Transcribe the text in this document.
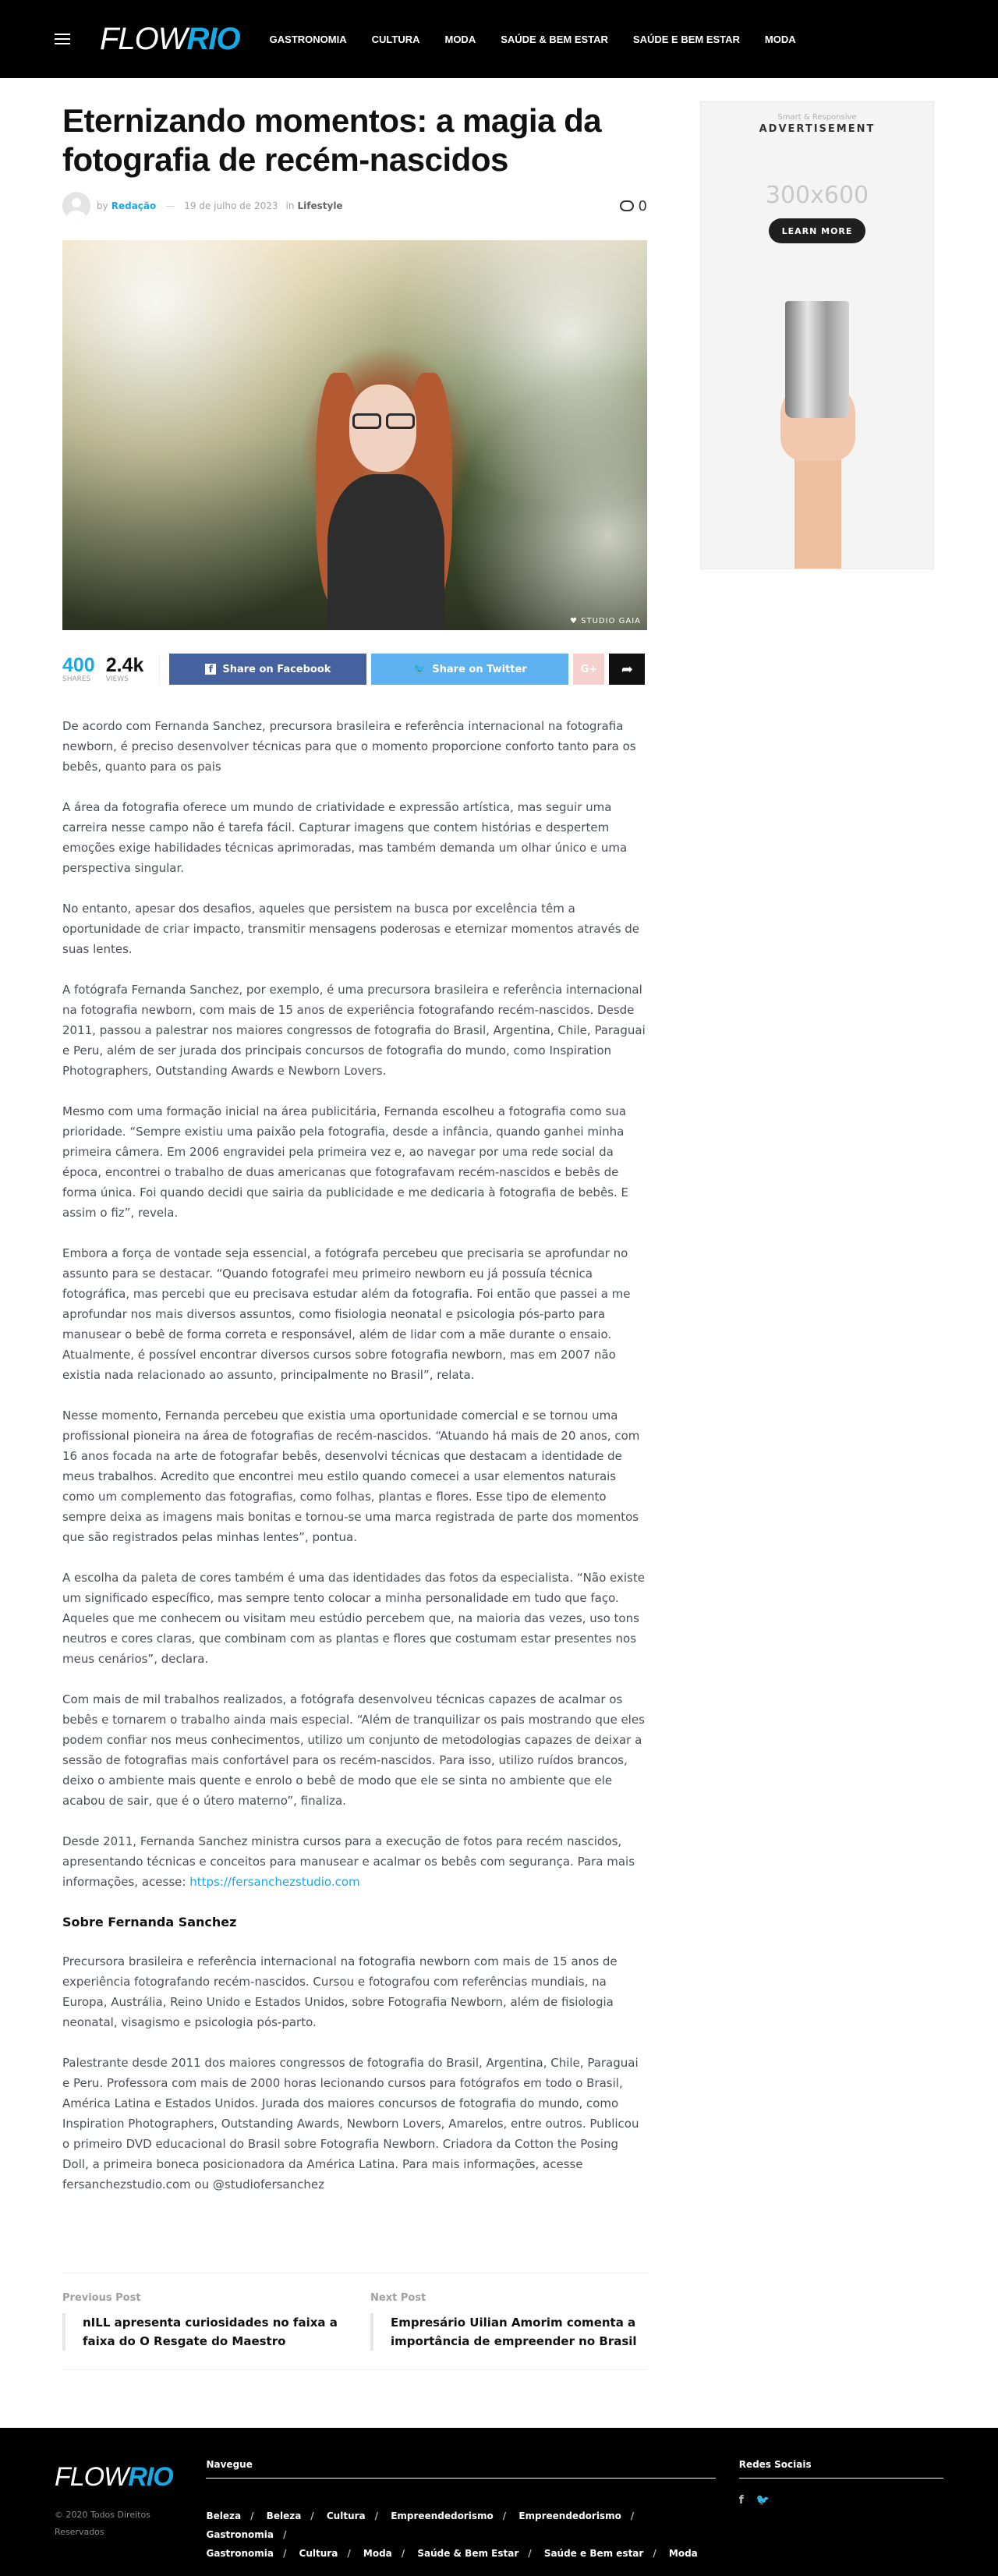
FLOWRIO	GASTRONOMIA	CULTURA	MODA	SAÚDE & BEM ESTAR	SAÚDE E BEM ESTAR	MODA
Eternizando momentos: a magia da fotografia de recém-nascidos
by Redação — 19 de julho de 2023 in Lifestyle	0
♥ STUDIO GAIA
400
SHARES
2.4k
VIEWS
f Share on Facebook	🐦 Share on Twitter	G+ ➦

De acordo com Fernanda Sanchez, precursora brasileira e referência internacional na fotografia newborn, é preciso desenvolver técnicas para que o momento proporcione conforto tanto para os bebês, quanto para os pais

A área da fotografia oferece um mundo de criatividade e expressão artística, mas seguir uma carreira nesse campo não é tarefa fácil. Capturar imagens que contem histórias e despertem emoções exige habilidades técnicas aprimoradas, mas também demanda um olhar único e uma perspectiva singular.

No entanto, apesar dos desafios, aqueles que persistem na busca por excelência têm a oportunidade de criar impacto, transmitir mensagens poderosas e eternizar momentos através de suas lentes.

A fotógrafa Fernanda Sanchez, por exemplo, é uma precursora brasileira e referência internacional na fotografia newborn, com mais de 15 anos de experiência fotografando recém-nascidos. Desde 2011, passou a palestrar nos maiores congressos de fotografia do Brasil, Argentina, Chile, Paraguai e Peru, além de ser jurada dos principais concursos de fotografia do mundo, como Inspiration Photographers, Outstanding Awards e Newborn Lovers.

Mesmo com uma formação inicial na área publicitária, Fernanda escolheu a fotografia como sua prioridade. “Sempre existiu uma paixão pela fotografia, desde a infância, quando ganhei minha primeira câmera. Em 2006 engravidei pela primeira vez e, ao navegar por uma rede social da época, encontrei o trabalho de duas americanas que fotografavam recém-nascidos e bebês de forma única. Foi quando decidi que sairia da publicidade e me dedicaria à fotografia de bebês. E assim o fiz”, revela.

Embora a força de vontade seja essencial, a fotógrafa percebeu que precisaria se aprofundar no assunto para se destacar. “Quando fotografei meu primeiro newborn eu já possuía técnica fotográfica, mas percebi que eu precisava estudar além da fotografia. Foi então que passei a me aprofundar nos mais diversos assuntos, como fisiologia neonatal e psicologia pós-parto para manusear o bebê de forma correta e responsável, além de lidar com a mãe durante o ensaio. Atualmente, é possível encontrar diversos cursos sobre fotografia newborn, mas em 2007 não existia nada relacionado ao assunto, principalmente no Brasil”, relata.

Nesse momento, Fernanda percebeu que existia uma oportunidade comercial e se tornou uma profissional pioneira na área de fotografias de recém-nascidos. “Atuando há mais de 20 anos, com 16 anos focada na arte de fotografar bebês, desenvolvi técnicas que destacam a identidade de meus trabalhos. Acredito que encontrei meu estilo quando comecei a usar elementos naturais como um complemento das fotografias, como folhas, plantas e flores. Esse tipo de elemento sempre deixa as imagens mais bonitas e tornou-se uma marca registrada de parte dos momentos que são registrados pelas minhas lentes”, pontua.

A escolha da paleta de cores também é uma das identidades das fotos da especialista. “Não existe um significado específico, mas sempre tento colocar a minha personalidade em tudo que faço. Aqueles que me conhecem ou visitam meu estúdio percebem que, na maioria das vezes, uso tons neutros e cores claras, que combinam com as plantas e flores que costumam estar presentes nos meus cenários”, declara.

Com mais de mil trabalhos realizados, a fotógrafa desenvolveu técnicas capazes de acalmar os bebês e tornarem o trabalho ainda mais especial. “Além de tranquilizar os pais mostrando que eles podem confiar nos meus conhecimentos, utilizo um conjunto de metodologias capazes de deixar a sessão de fotografias mais confortável para os recém-nascidos. Para isso, utilizo ruídos brancos, deixo o ambiente mais quente e enrolo o bebê de modo que ele se sinta no ambiente que ele acabou de sair, que é o útero materno”, finaliza.

Desde 2011, Fernanda Sanchez ministra cursos para a execução de fotos para recém nascidos, apresentando técnicas e conceitos para manusear e acalmar os bebês com segurança. Para mais informações, acesse: https://fersanchezstudio.com

Sobre Fernanda Sanchez

Precursora brasileira e referência internacional na fotografia newborn com mais de 15 anos de experiência fotografando recém-nascidos. Cursou e fotografou com referências mundiais, na Europa, Austrália, Reino Unido e Estados Unidos, sobre Fotografia Newborn, além de fisiologia neonatal, visagismo e psicologia pós-parto.

Palestrante desde 2011 dos maiores congressos de fotografia do Brasil, Argentina, Chile, Paraguai e Peru. Professora com mais de 2000 horas lecionando cursos para fotógrafos em todo o Brasil, América Latina e Estados Unidos. Jurada dos maiores concursos de fotografia do mundo, como Inspiration Photographers, Outstanding Awards, Newborn Lovers, Amarelos, entre outros. Publicou o primeiro DVD educacional do Brasil sobre Fotografia Newborn. Criadora da Cotton the Posing Doll, a primeira boneca posicionadora da América Latina. Para mais informações, acesse fersanchezstudio.com ou @studiofersanchez

Previous Post
nILL apresenta curiosidades no faixa a faixa do O Resgate do Maestro
Next Post
Empresário Uilian Amorim comenta a importância de empreender no Brasil
Smart & Responsive
ADVERTISEMENT
300x600
LEARN MORE
FLOWRIO
© 2020 Todos Direitos Reservados
Navegue
Beleza / Beleza / Cultura / Empreendedorismo / Empreendedorismo / Gastronomia /
Gastronomia / Cultura / Moda / Saúde & Bem Estar / Saúde e Bem estar / Moda
Redes Sociais
f 🐦
